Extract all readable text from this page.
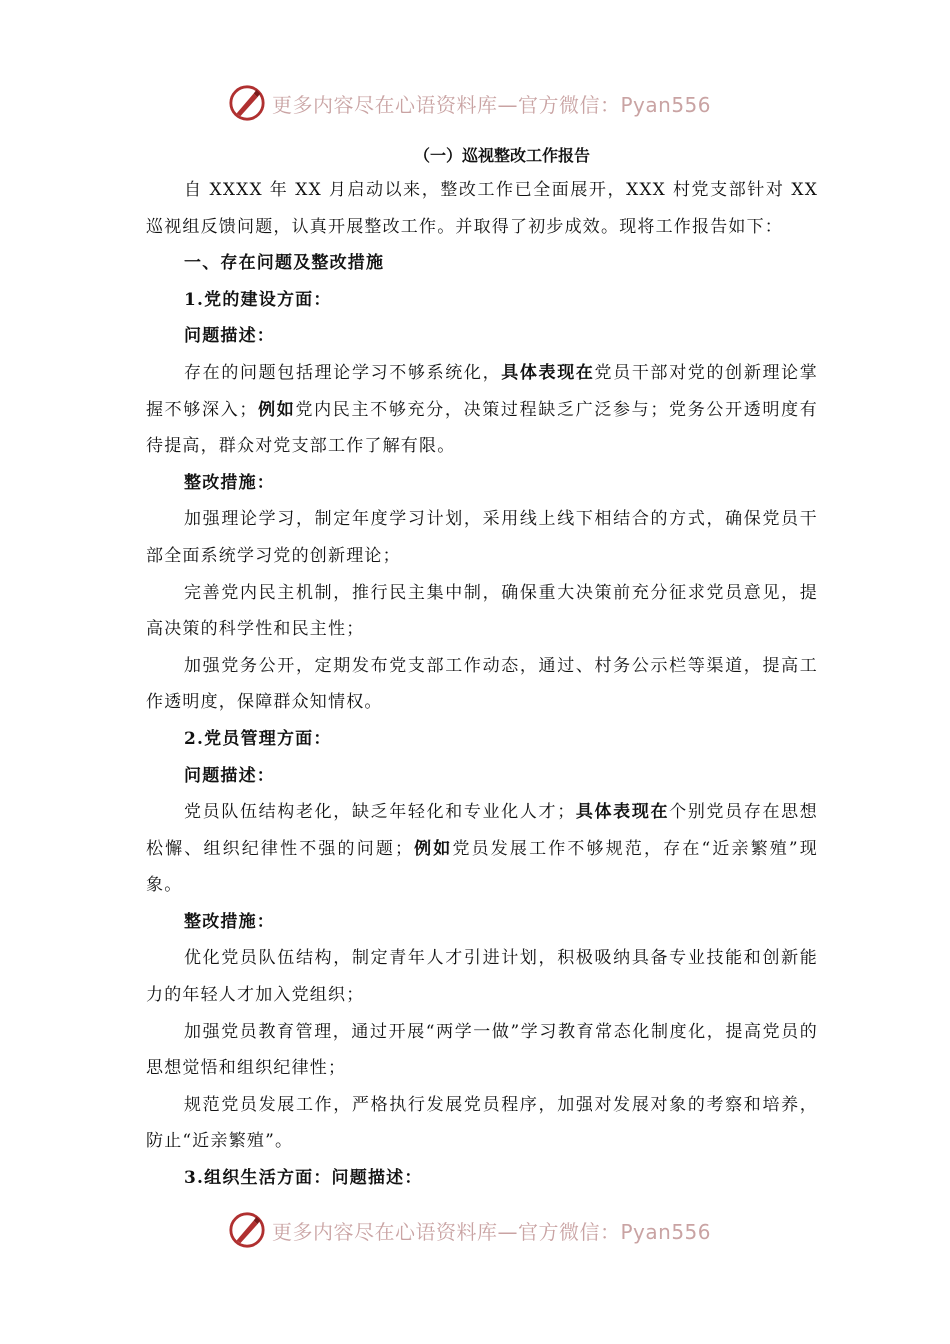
更多内容尽在心语资料库—官方微信：Pyan556
（一）巡视整改工作报告

自 XXXX 年 XX 月启动以来，整改工作已全面展开，XXX 村党支部针对 XX 巡视组反馈问题，认真开展整改工作。并取得了初步成效。现将工作报告如下：

一、存在问题及整改措施

1.党的建设方面：

问题描述：

存在的问题包括理论学习不够系统化，具体表现在党员干部对党的创新理论掌握不够深入；例如党内民主不够充分，决策过程缺乏广泛参与；党务公开透明度有待提高，群众对党支部工作了解有限。

整改措施：

加强理论学习，制定年度学习计划，采用线上线下相结合的方式，确保党员干部全面系统学习党的创新理论；

完善党内民主机制，推行民主集中制，确保重大决策前充分征求党员意见，提高决策的科学性和民主性；

加强党务公开，定期发布党支部工作动态，通过、村务公示栏等渠道，提高工作透明度，保障群众知情权。

2.党员管理方面：

问题描述：

党员队伍结构老化，缺乏年轻化和专业化人才；具体表现在个别党员存在思想松懈、组织纪律性不强的问题；例如党员发展工作不够规范，存在“近亲繁殖”现象。

整改措施：

优化党员队伍结构，制定青年人才引进计划，积极吸纳具备专业技能和创新能力的年轻人才加入党组织；

加强党员教育管理，通过开展“两学一做”学习教育常态化制度化，提高党员的思想觉悟和组织纪律性；

规范党员发展工作，严格执行发展党员程序，加强对发展对象的考察和培养，防止“近亲繁殖”。

3.组织生活方面：问题描述：

更多内容尽在心语资料库—官方微信：Pyan556
